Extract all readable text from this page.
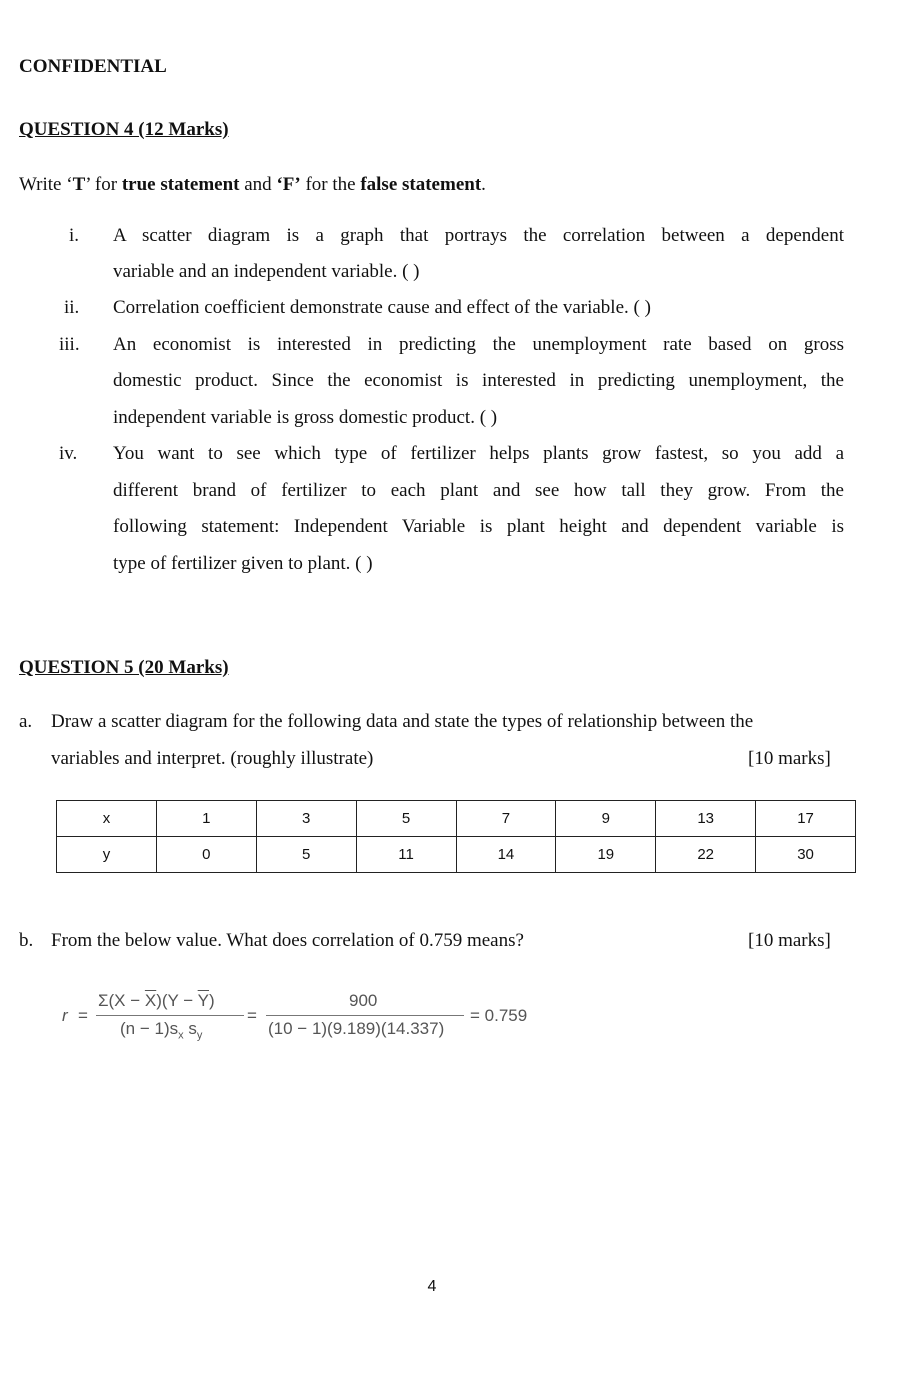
CONFIDENTIAL
QUESTION 4 (12 Marks)
Write ‘T’ for true statement and ‘F’ for the false statement.
i. A scatter diagram is a graph that portrays the correlation between a dependent
variable and an independent variable. ( )
ii. Correlation coefficient demonstrate cause and effect of the variable. ( )
iii. An economist is interested in predicting the unemployment rate based on gross
domestic product. Since the economist is interested in predicting unemployment, the
independent variable is gross domestic product. ( )
iv. You want to see which type of fertilizer helps plants grow fastest, so you add a
different brand of fertilizer to each plant and see how tall they grow. From the
following statement: Independent Variable is plant height and dependent variable is
type of fertilizer given to plant. ( )
QUESTION 5 (20 Marks)
a. Draw a scatter diagram for the following data and state the types of relationship between the
variables and interpret. (roughly illustrate)	[10 marks]
x	1	3	5	7	9	13	17
y	0	5	11	14	19	22	30
b. From the below value. What does correlation of 0.759 means?	[10 marks]
r =
$\Sigma(X - \overline{X})(Y - \overline{Y})$
$(n - 1)s_x$ $s_y$
=
900
(10 − 1)(9.189)(14.337)
= 0.759
4
